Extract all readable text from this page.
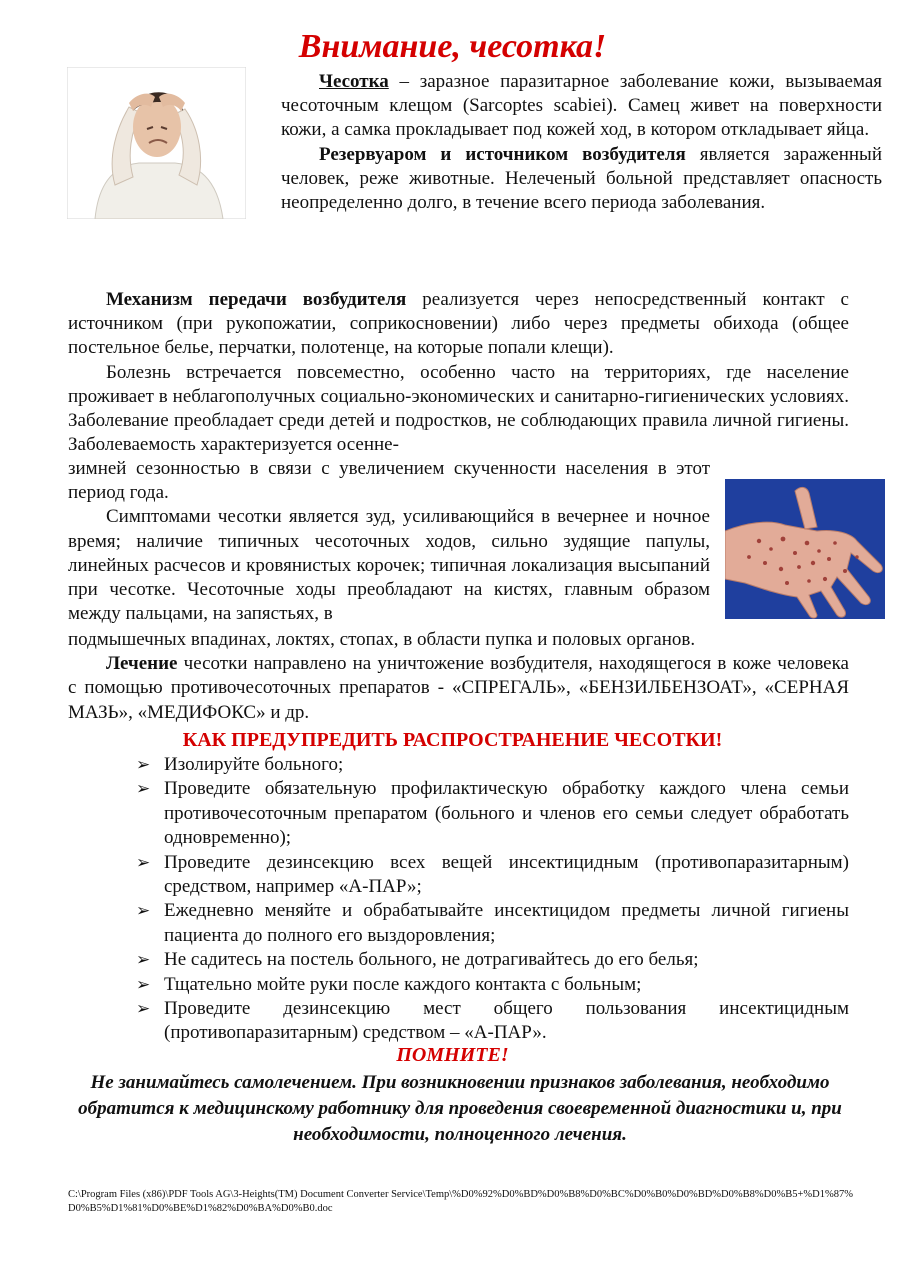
Внимание, чесотка!

Чесотка – заразное паразитарное заболевание кожи, вызываемая чесоточным клещом (Sarcoptes scabiei). Самец живет на поверхности кожи, а самка прокладывает под кожей ход, в котором откладывает яйца.

Резервуаром и источником возбудителя является зараженный человек, реже животные. Нелеченый больной представляет опасность неопределенно долго, в течение всего периода заболевания.

Механизм передачи возбудителя реализуется через непосредственный контакт с источником (при рукопожатии, соприкосновении) либо через предметы обихода (общее постельное белье, перчатки, полотенце, на которые попали клещи).

Болезнь встречается повсеместно, особенно часто на территориях, где население проживает в неблагополучных социально-экономических и санитарно-гигиенических условиях. Заболевание преобладает среди детей и подростков, не соблюдающих правила личной гигиены. Заболеваемость характеризуется осенне-

зимней сезонностью в связи с увеличением скученности населения в этот период года.

Симптомами чесотки является зуд, усиливающийся в вечернее и ночное время; наличие типичных чесоточных ходов, сильно зудящие папулы, линейных расчесов и кровянистых корочек; типичная локализация высыпаний при чесотке. Чесоточные ходы преобладают на кистях, главным образом между пальцами, на запястьях, в

подмышечных впадинах, локтях, стопах, в области пупка и половых органов.

Лечение чесотки направлено на уничтожение возбудителя, находящегося в коже человека с помощью противочесоточных препаратов - «СПРЕГАЛЬ», «БЕНЗИЛБЕНЗОАТ», «СЕРНАЯ МАЗЬ», «МЕДИФОКС» и др.

КАК ПРЕДУПРЕДИТЬ РАСПРОСТРАНЕНИЕ ЧЕСОТКИ!
➢ Изолируйте больного;
➢ Проведите обязательную профилактическую обработку каждого члена семьи противочесоточным препаратом (больного и членов его семьи следует обработать одновременно);
➢ Проведите дезинсекцию всех вещей инсектицидным (противопаразитарным) средством, например «А-ПАР»;
➢ Ежедневно меняйте и обрабатывайте инсектицидом предметы личной гигиены пациента до полного его выздоровления;
➢ Не садитесь на постель больного, не дотрагивайтесь до его белья;
➢ Тщательно мойте руки после каждого контакта с больным;
➢ Проведите дезинсекцию мест общего пользования инсектицидным (противопаразитарным) средством – «А-ПАР».
ПОМНИТЕ!
Не занимайтесь самолечением. При возникновении признаков заболевания, необходимо обратится к медицинскому работнику для проведения своевременной диагностики и, при необходимости, полноценного лечения.
C:\Program Files (x86)\PDF Tools AG\3-Heights(TM) Document Converter Service\Temp\%D0%92%D0%BD%D0%B8%D0%BC%D0%B0%D0%BD%D0%B8%D0%B5+%D1%87%D0%B5%D1%81%D0%BE%D1%82%D0%BA%D0%B0.doc
